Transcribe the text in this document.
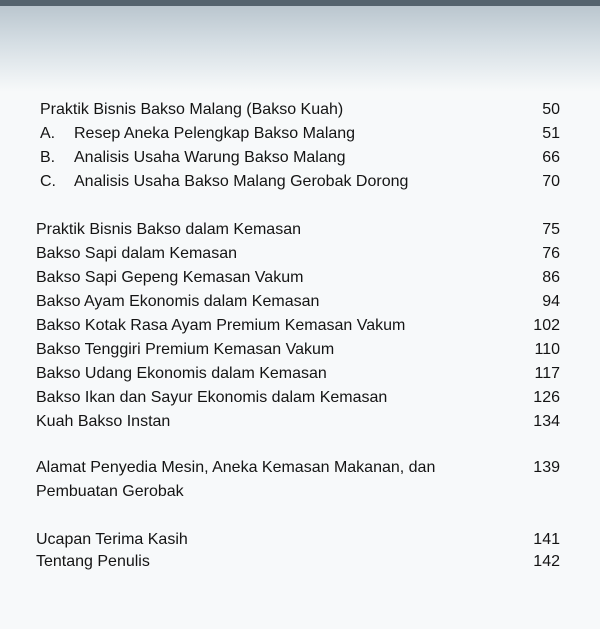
Praktik Bisnis Bakso Malang (Bakso Kuah)	50
A. Resep Aneka Pelengkap Bakso Malang	51
B. Analisis Usaha Warung Bakso Malang	66
C. Analisis Usaha Bakso Malang Gerobak Dorong	70
Praktik Bisnis Bakso dalam Kemasan	75
Bakso Sapi dalam Kemasan	76
Bakso Sapi Gepeng Kemasan Vakum	86
Bakso Ayam Ekonomis dalam Kemasan	94
Bakso Kotak Rasa Ayam Premium Kemasan Vakum	102
Bakso Tenggiri Premium Kemasan Vakum	110
Bakso Udang Ekonomis dalam Kemasan	117
Bakso Ikan dan Sayur Ekonomis dalam Kemasan	126
Kuah Bakso Instan	134
Alamat Penyedia Mesin, Aneka Kemasan Makanan, dan	139
Pembuatan Gerobak
Ucapan Terima Kasih	141
Tentang Penulis	142
